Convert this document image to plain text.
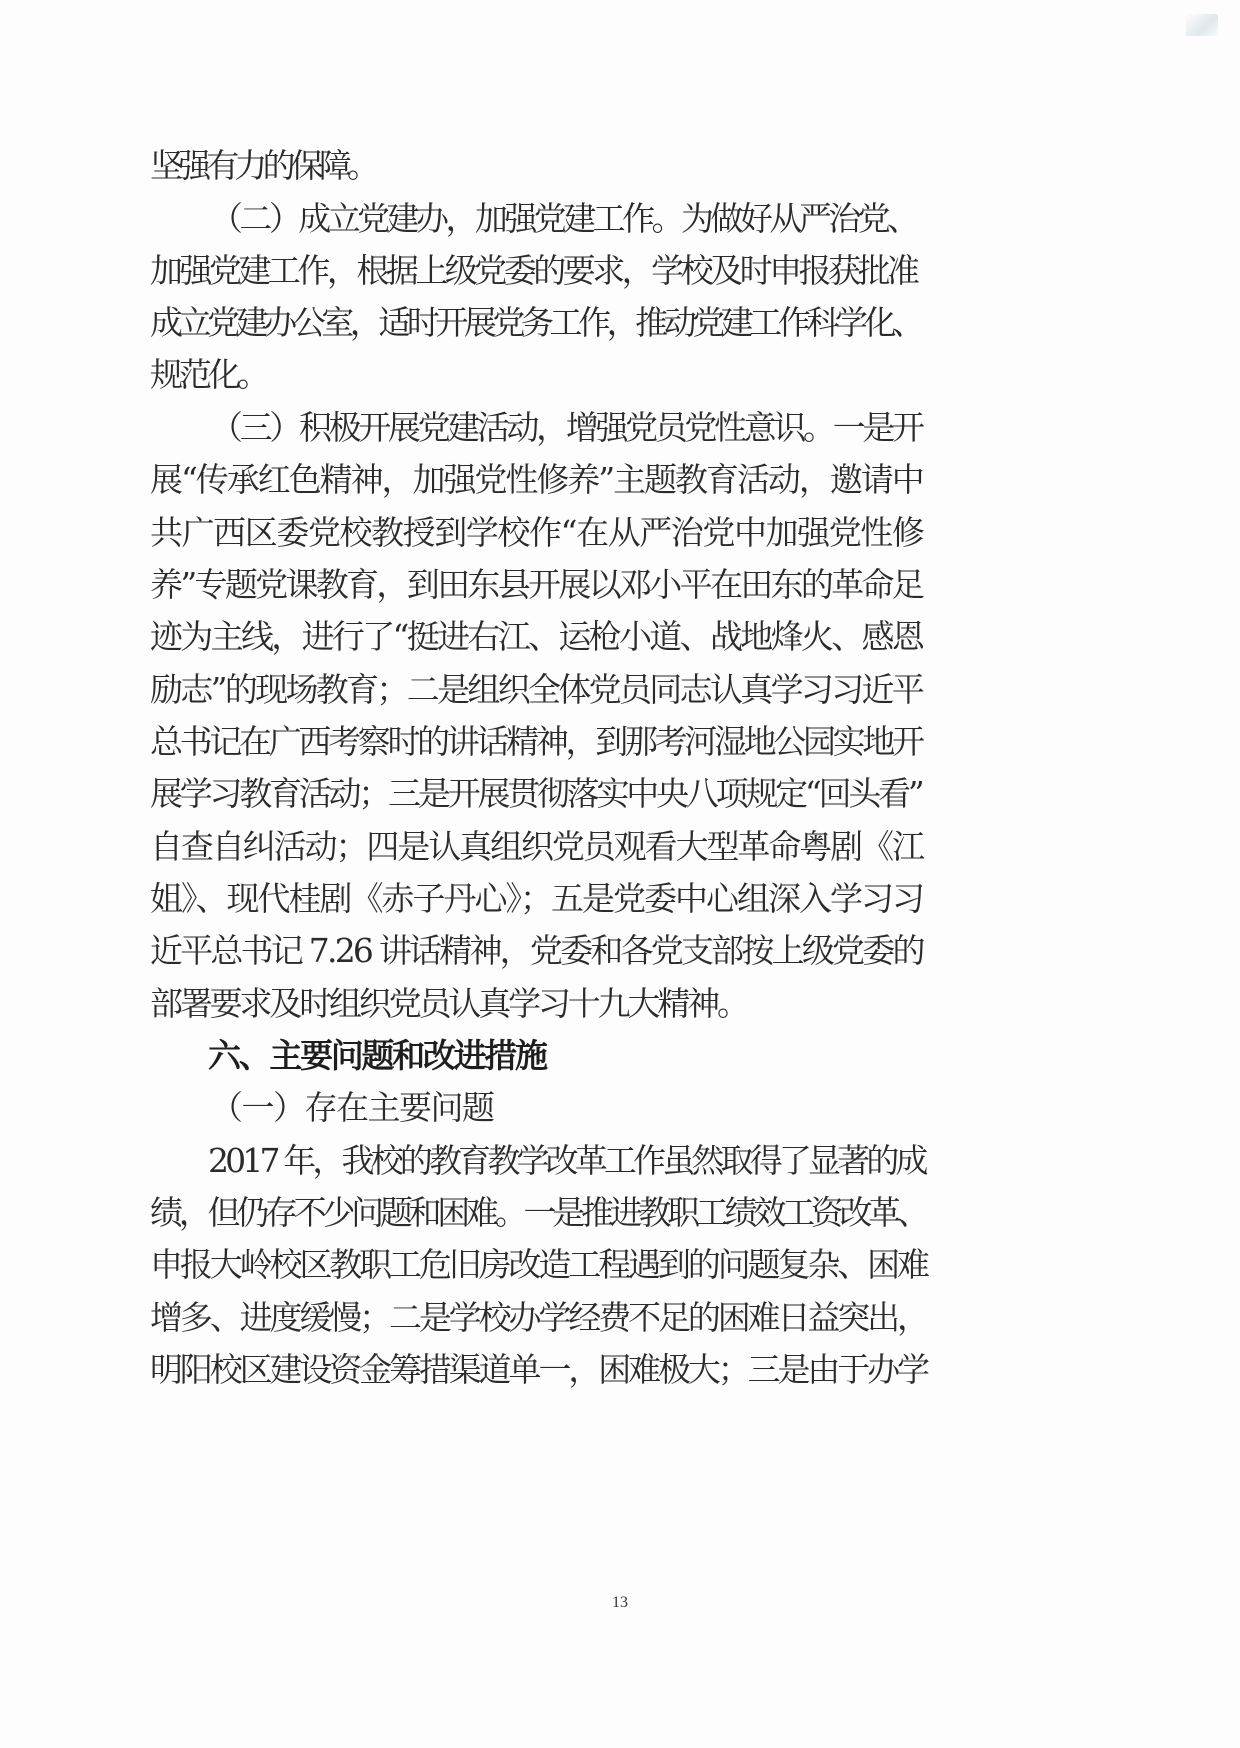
坚强有力的保障。
（二）成立党建办，加强党建工作。为做好从严治党、
加强党建工作，根据上级党委的要求，学校及时申报获批准
成立党建办公室，适时开展党务工作，推动党建工作科学化、
规范化。
（三）积极开展党建活动，增强党员党性意识。一是开
展“传承红色精神，加强党性修养”主题教育活动，邀请中
共广西区委党校教授到学校作“在从严治党中加强党性修
养”专题党课教育，到田东县开展以邓小平在田东的革命足
迹为主线，进行了“挺进右江、运枪小道、战地烽火、感恩
励志”的现场教育；二是组织全体党员同志认真学习习近平
总书记在广西考察时的讲话精神，到那考河湿地公园实地开
展学习教育活动；三是开展贯彻落实中央八项规定“回头看”
自查自纠活动；四是认真组织党员观看大型革命粤剧《江
姐》、现代桂剧《赤子丹心》；五是党委中心组深入学习习
近平总书记 7.26 讲话精神，党委和各党支部按上级党委的
部署要求及时组织党员认真学习十九大精神。
六、主要问题和改进措施
（一）存在主要问题
2017 年，我校的教育教学改革工作虽然取得了显著的成
绩，但仍存不少问题和困难。一是推进教职工绩效工资改革、
申报大岭校区教职工危旧房改造工程遇到的问题复杂、困难
增多、进度缓慢；二是学校办学经费不足的困难日益突出，
明阳校区建设资金筹措渠道单一，困难极大；三是由于办学
13
